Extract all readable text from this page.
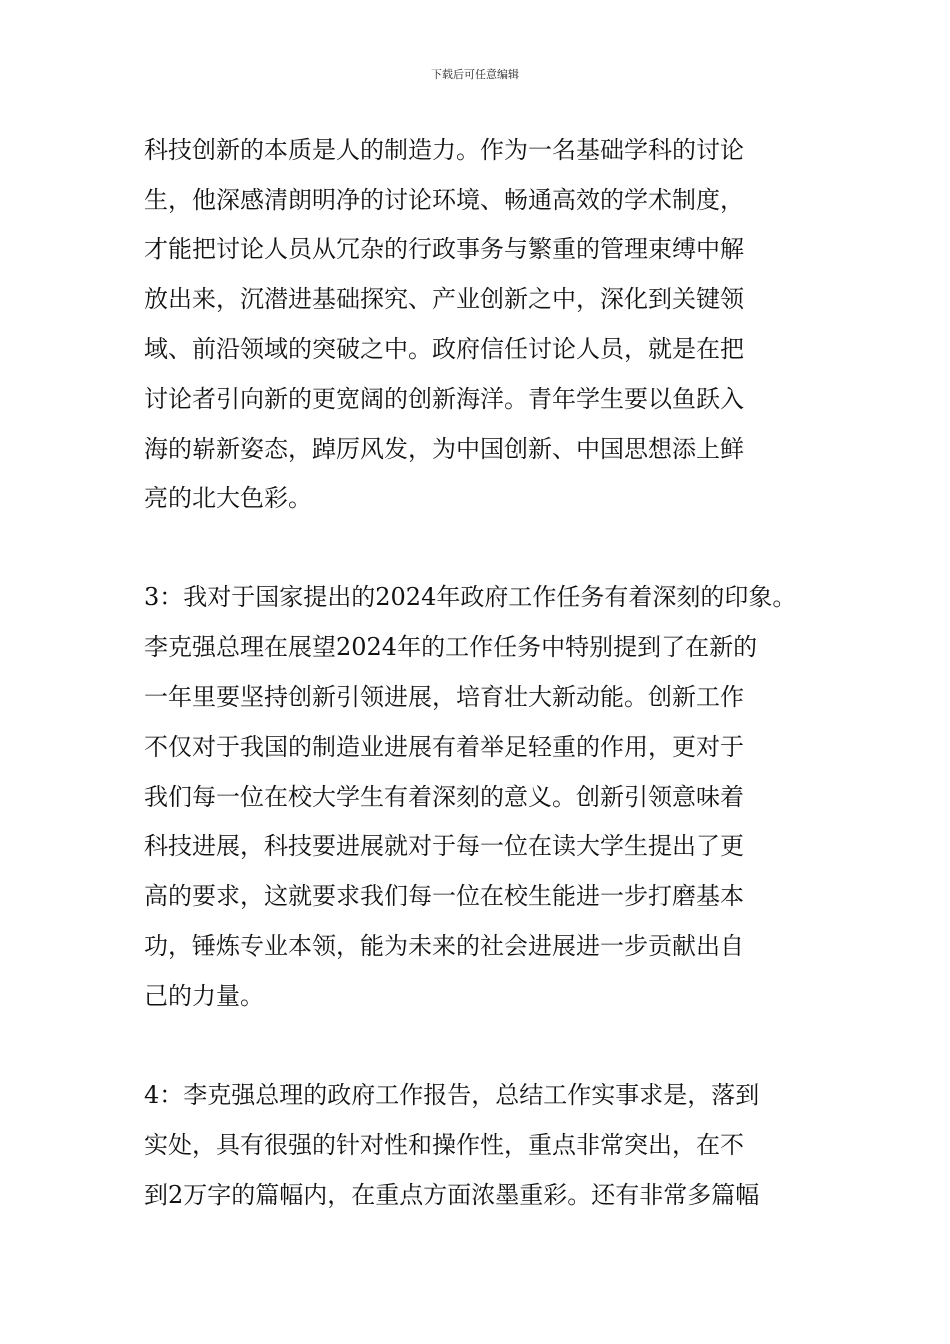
下载后可任意编辑
科技创新的本质是人的制造力。作为一名基础学科的讨论
生，他深感清朗明净的讨论环境、畅通高效的学术制度，
才能把讨论人员从冗杂的行政事务与繁重的管理束缚中解
放出来，沉潜进基础探究、产业创新之中，深化到关键领
域、前沿领域的突破之中。政府信任讨论人员，就是在把
讨论者引向新的更宽阔的创新海洋。青年学生要以鱼跃入
海的崭新姿态，踔厉风发，为中国创新、中国思想添上鲜
亮的北大色彩。
3：我对于国家提出的2024年政府工作任务有着深刻的印象。
李克强总理在展望2024年的工作任务中特别提到了在新的
一年里要坚持创新引领进展，培育壮大新动能。创新工作
不仅对于我国的制造业进展有着举足轻重的作用，更对于
我们每一位在校大学生有着深刻的意义。创新引领意味着
科技进展，科技要进展就对于每一位在读大学生提出了更
高的要求，这就要求我们每一位在校生能进一步打磨基本
功，锤炼专业本领，能为未来的社会进展进一步贡献出自
己的力量。
4：李克强总理的政府工作报告，总结工作实事求是，落到
实处，具有很强的针对性和操作性，重点非常突出，在不
到2万字的篇幅内，在重点方面浓墨重彩。还有非常多篇幅
